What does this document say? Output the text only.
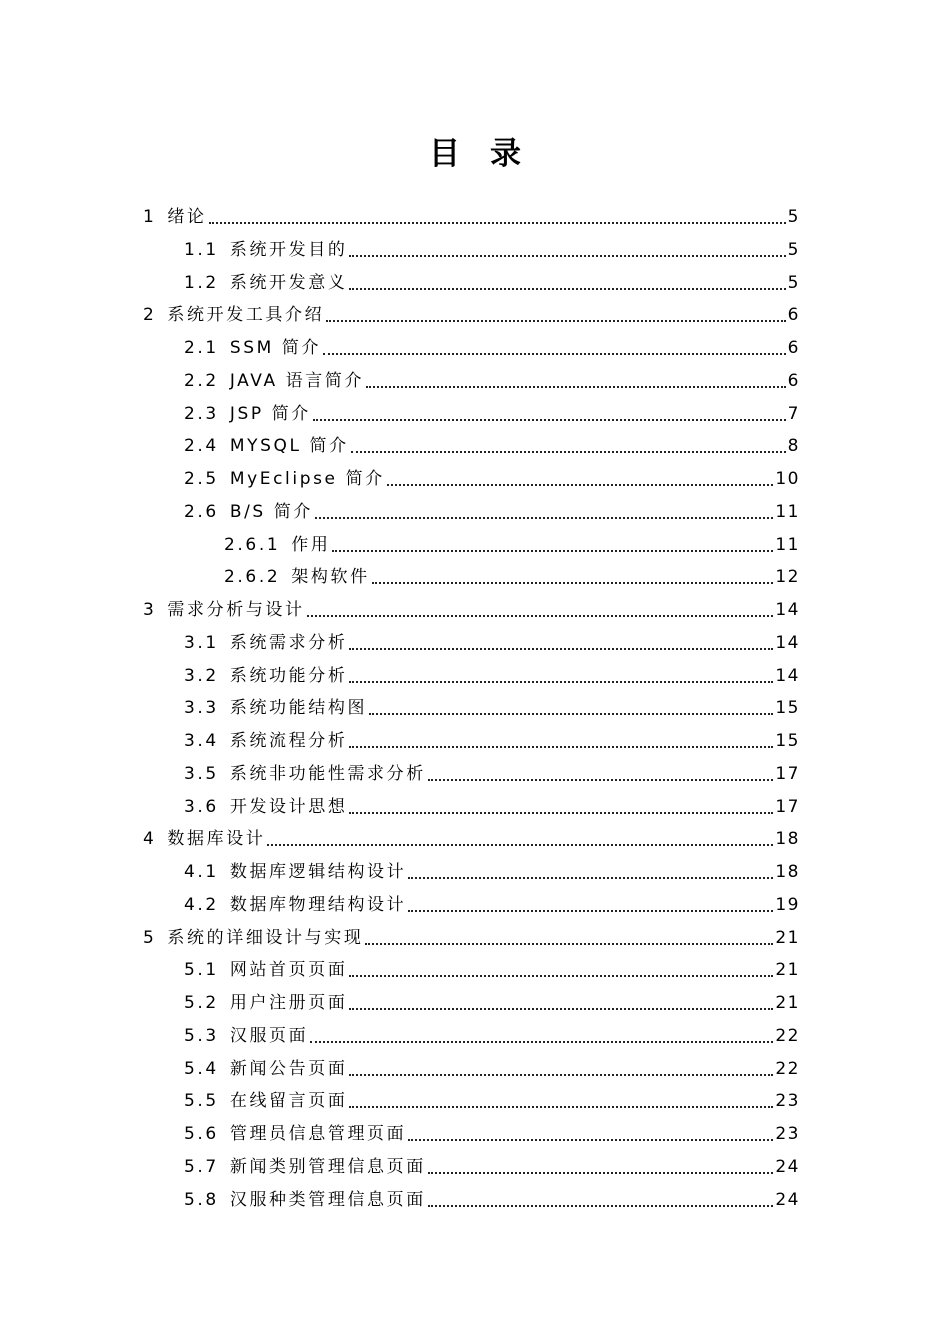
目录
1 绪论	5
1.1 系统开发目的	5
1.2 系统开发意义	5
2 系统开发工具介绍	6
2.1 SSM 简介	6
2.2 JAVA 语言简介	6
2.3 JSP 简介	7
2.4 MYSQL 简介	8
2.5 MyEclipse 简介	10
2.6 B/S 简介	11
2.6.1 作用	11
2.6.2 架构软件	12
3 需求分析与设计	14
3.1 系统需求分析	14
3.2 系统功能分析	14
3.3 系统功能结构图	15
3.4 系统流程分析	15
3.5 系统非功能性需求分析	17
3.6 开发设计思想	17
4 数据库设计	18
4.1 数据库逻辑结构设计	18
4.2 数据库物理结构设计	19
5 系统的详细设计与实现	21
5.1 网站首页页面	21
5.2 用户注册页面	21
5.3 汉服页面	22
5.4 新闻公告页面	22
5.5 在线留言页面	23
5.6 管理员信息管理页面	23
5.7 新闻类别管理信息页面	24
5.8 汉服种类管理信息页面	24
